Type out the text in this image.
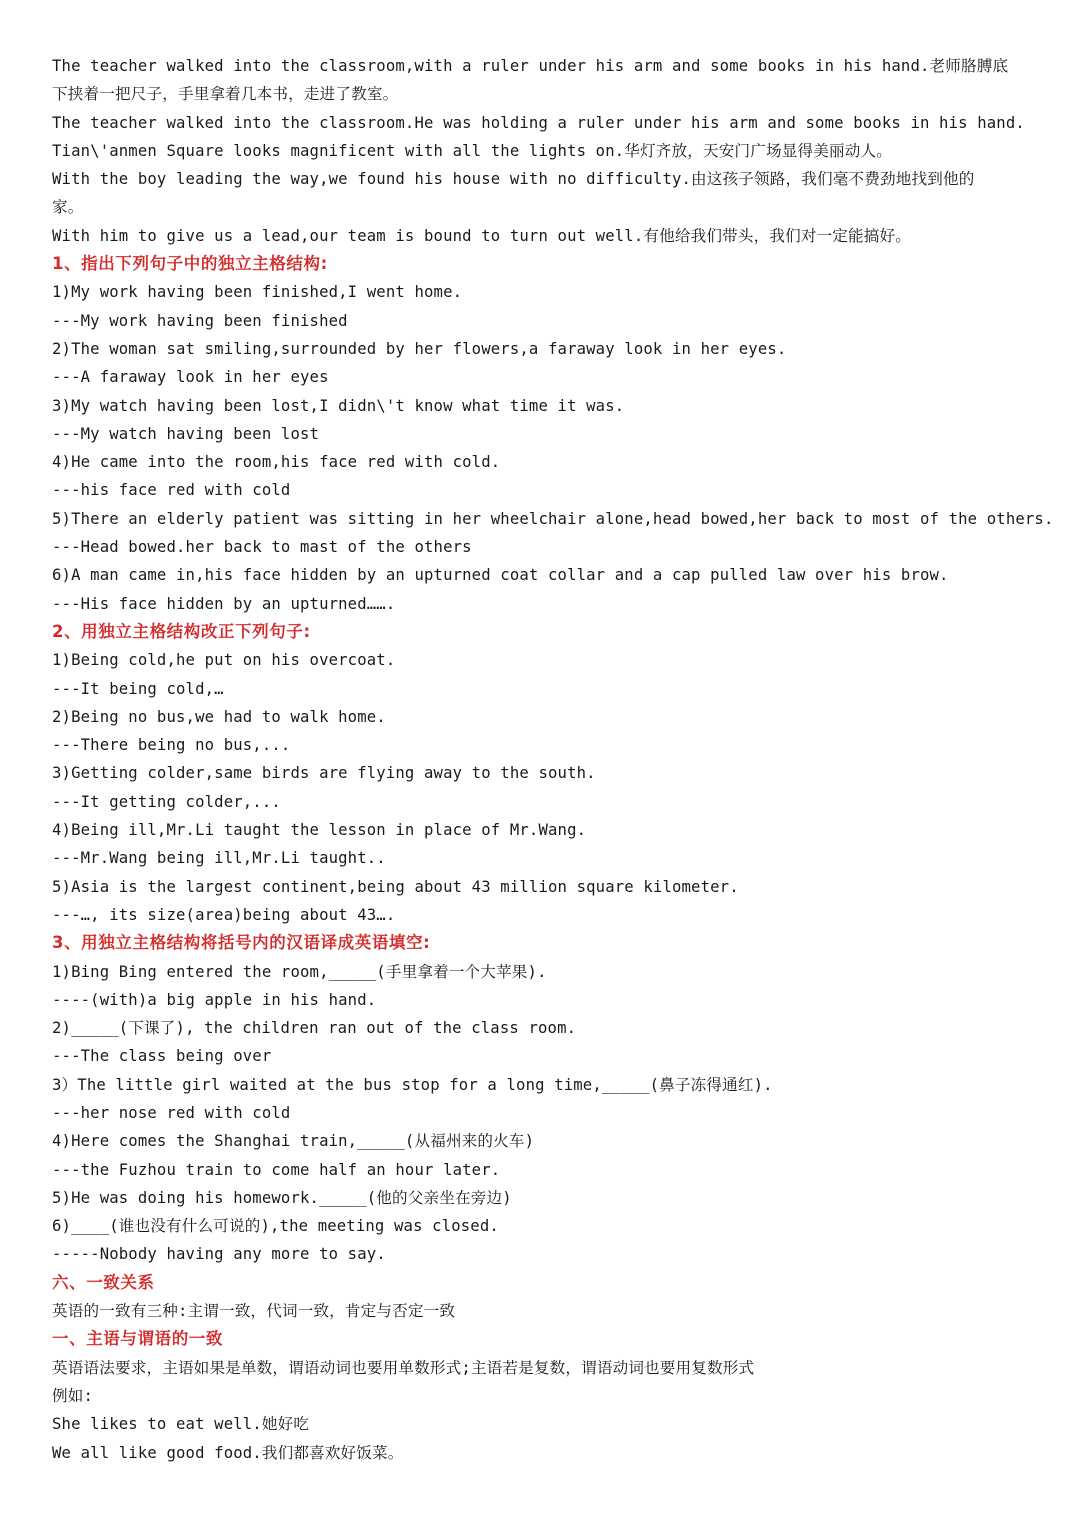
The teacher walked into the classroom,with a ruler under his arm and some books in his hand.老师胳膊底
下挟着一把尺子，手里拿着几本书，走进了教室。
The teacher walked into the classroom.He was holding a ruler under his arm and some books in his hand.
Tian\'anmen Square looks magnificent with all the lights on.华灯齐放，天安门广场显得美丽动人。
With the boy leading the way,we found his house with no difficulty.由这孩子领路，我们毫不费劲地找到他的
家。
With him to give us a lead,our team is bound to turn out well.有他给我们带头，我们对一定能搞好。
1、指出下列句子中的独立主格结构:
1)My work having been finished,I went home.
---My work having been finished
2)The woman sat smiling,surrounded by her flowers,a faraway look in her eyes.
---A faraway look in her eyes
3)My watch having been lost,I didn\'t know what time it was.
---My watch having been lost
4)He came into the room,his face red with cold.
---his face red with cold
5)There an elderly patient was sitting in her wheelchair alone,head bowed,her back to most of the others.
---Head bowed.her back to mast of the others
6)A man came in,his face hidden by an upturned coat collar and a cap pulled law over his brow.
---His face hidden by an upturned…….
2、用独立主格结构改正下列句子:
1)Being cold,he put on his overcoat.
---It being cold,…
2)Being no bus,we had to walk home.
---There being no bus,...
3)Getting colder,same birds are flying away to the south.
---It getting colder,...
4)Being ill,Mr.Li taught the lesson in place of Mr.Wang.
---Mr.Wang being ill,Mr.Li taught..
5)Asia is the largest continent,being about 43 million square kilometer.
---…, its size(area)being about 43….
3、用独立主格结构将括号内的汉语译成英语填空:
1)Bing Bing entered the room,_____(手里拿着一个大苹果).
----(with)a big apple in his hand.
2)_____(下课了), the children ran out of the class room.
---The class being over
3）The little girl waited at the bus stop for a long time,_____(鼻子冻得通红).
---her nose red with cold
4)Here comes the Shanghai train,_____(从福州来的火车)
---the Fuzhou train to come half an hour later.
5)He was doing his homework._____(他的父亲坐在旁边)
6)____(谁也没有什么可说的),the meeting was closed.
-----Nobody having any more to say.
六、一致关系
英语的一致有三种:主谓一致，代词一致，肯定与否定一致
一、主语与谓语的一致
英语语法要求，主语如果是单数，谓语动词也要用单数形式;主语若是复数，谓语动词也要用复数形式
例如:
She likes to eat well.她好吃
We all like good food.我们都喜欢好饭菜。
